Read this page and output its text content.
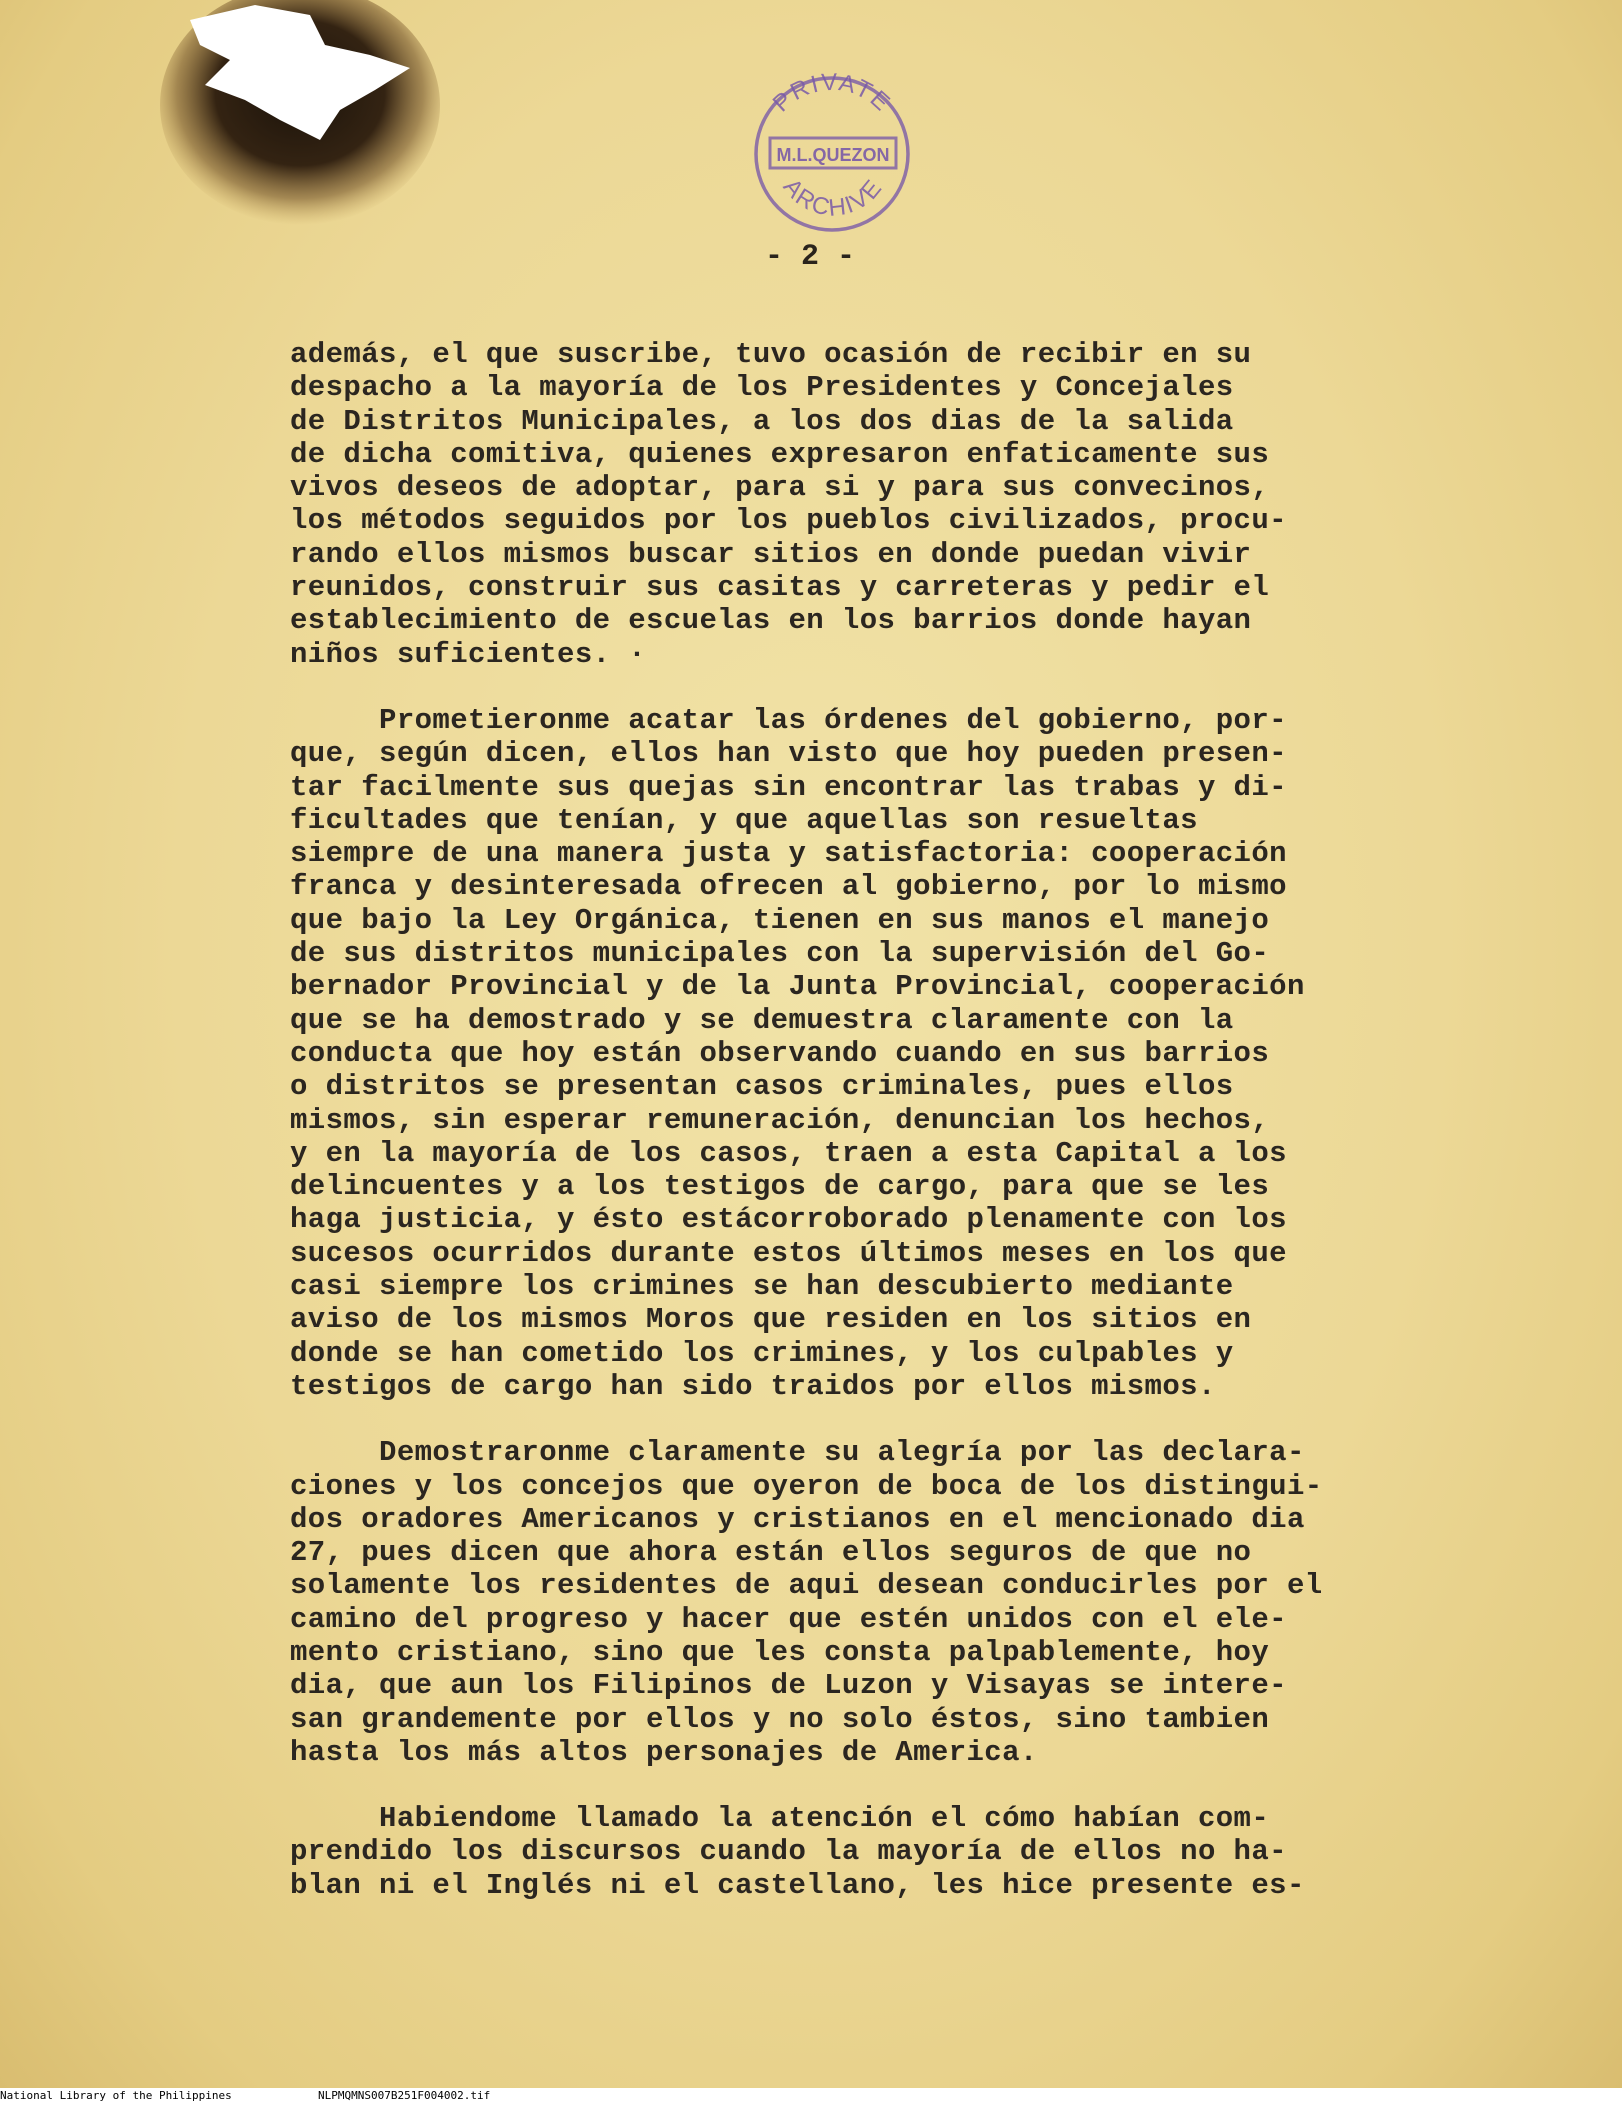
PRIVATE
M.L.QUEZON
ARCHIVE
- 2 -
además, el que suscribe, tuvo ocasión de recibir en su
despacho a la mayoría de los Presidentes y Concejales
de Distritos Municipales, a los dos dias de la salida
de dicha comitiva, quienes expresaron enfaticamente sus
vivos deseos de adoptar, para si y para sus convecinos,
los métodos seguidos por los pueblos civilizados, procu-
rando ellos mismos buscar sitios en donde puedan vivir
reunidos, construir sus casitas y carreteras y pedir el
establecimiento de escuelas en los barrios donde hayan
niños suficientes. ·
Prometieronme acatar las órdenes del gobierno, por-
que, según dicen, ellos han visto que hoy pueden presen-
tar facilmente sus quejas sin encontrar las trabas y di-
ficultades que tenían, y que aquellas son resueltas
siempre de una manera justa y satisfactoria: cooperación
franca y desinteresada ofrecen al gobierno, por lo mismo
que bajo la Ley Orgánica, tienen en sus manos el manejo
de sus distritos municipales con la supervisión del Go-
bernador Provincial y de la Junta Provincial, cooperación
que se ha demostrado y se demuestra claramente con la
conducta que hoy están observando cuando en sus barrios
o distritos se presentan casos criminales, pues ellos
mismos, sin esperar remuneración, denuncian los hechos,
y en la mayoría de los casos, traen a esta Capital a los
delincuentes y a los testigos de cargo, para que se les
haga justicia, y ésto estácorroborado plenamente con los
sucesos ocurridos durante estos últimos meses en los que
casi siempre los crimines se han descubierto mediante
aviso de los mismos Moros que residen en los sitios en
donde se han cometido los crimines, y los culpables y
testigos de cargo han sido traidos por ellos mismos.
Demostraronme claramente su alegría por las declara-
ciones y los concejos que oyeron de boca de los distingui-
dos oradores Americanos y cristianos en el mencionado dia
27, pues dicen que ahora están ellos seguros de que no
solamente los residentes de aqui desean conducirles por el
camino del progreso y hacer que estén unidos con el ele-
mento cristiano, sino que les consta palpablemente, hoy
dia, que aun los Filipinos de Luzon y Visayas se intere-
san grandemente por ellos y no solo éstos, sino tambien
hasta los más altos personajes de America.
Habiendome llamado la atención el cómo habían com-
prendido los discursos cuando la mayoría de ellos no ha-
blan ni el Inglés ni el castellano, les hice presente es-
National Library of the Philippines	NLPMQMNS007B251F004002.tif
